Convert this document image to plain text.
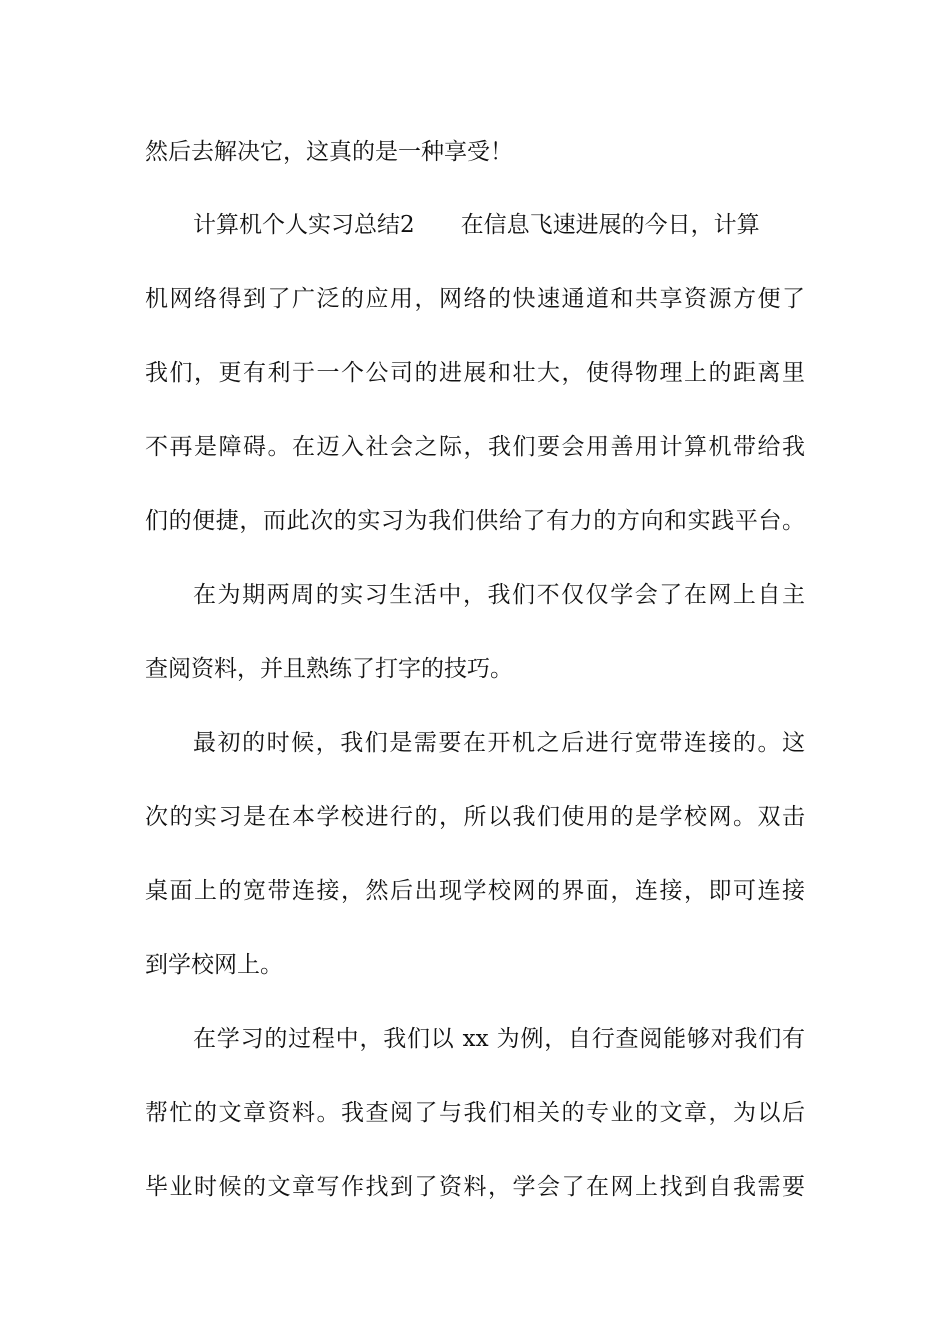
然后去解决它，这真的是一种享受！
计算机个人实习总结2 在信息飞速进展的今日，计算
机网络得到了广泛的应用，网络的快速通道和共享资源方便了
我们，更有利于一个公司的进展和壮大，使得物理上的距离里
不再是障碍。在迈入社会之际，我们要会用善用计算机带给我
们的便捷，而此次的实习为我们供给了有力的方向和实践平台。
在为期两周的实习生活中，我们不仅仅学会了在网上自主
查阅资料，并且熟练了打字的技巧。
最初的时候，我们是需要在开机之后进行宽带连接的。这
次的实习是在本学校进行的，所以我们使用的是学校网。双击
桌面上的宽带连接，然后出现学校网的界面，连接，即可连接
到学校网上。
在学习的过程中，我们以 xx 为例，自行查阅能够对我们有
帮忙的文章资料。我查阅了与我们相关的专业的文章，为以后
毕业时候的文章写作找到了资料，学会了在网上找到自我需要
